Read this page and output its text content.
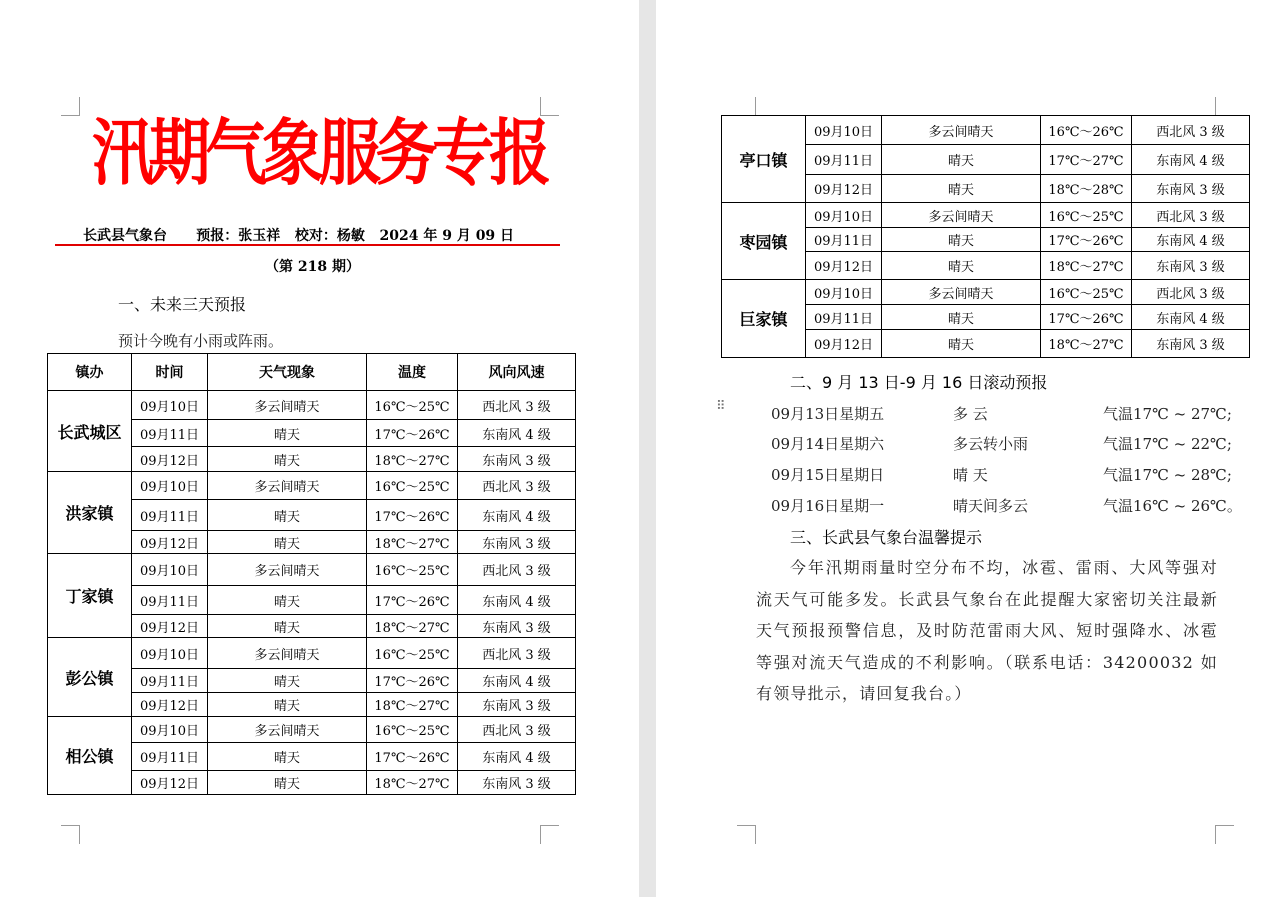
汛期气象服务专报
长武县气象台      预报：张玉祥   校对：杨敏   2024 年 9 月 09 日
（第 218 期）
一、未来三天预报
预计今晚有小雨或阵雨。
镇办	时间	天气现象	温度	风向风速
长武城区	09月10日	多云间晴天	16℃～25℃	西北风 3 级
	09月11日	晴天	17℃～26℃	东南风 4 级
	09月12日	晴天	18℃～27℃	东南风 3 级
洪家镇	09月10日	多云间晴天	16℃～25℃	西北风 3 级
	09月11日	晴天	17℃～26℃	东南风 4 级
	09月12日	晴天	18℃～27℃	东南风 3 级
丁家镇	09月10日	多云间晴天	16℃～25℃	西北风 3 级
	09月11日	晴天	17℃～26℃	东南风 4 级
	09月12日	晴天	18℃～27℃	东南风 3 级
彭公镇	09月10日	多云间晴天	16℃～25℃	西北风 3 级
	09月11日	晴天	17℃～26℃	东南风 4 级
	09月12日	晴天	18℃～27℃	东南风 3 级
相公镇	09月10日	多云间晴天	16℃～25℃	西北风 3 级
	09月11日	晴天	17℃～26℃	东南风 4 级
	09月12日	晴天	18℃～27℃	东南风 3 级
亭口镇	09月10日	多云间晴天	16℃～26℃	西北风 3 级
	09月11日	晴天	17℃～27℃	东南风 4 级
	09月12日	晴天	18℃～28℃	东南风 3 级
枣园镇	09月10日	多云间晴天	16℃～25℃	西北风 3 级
	09月11日	晴天	17℃～26℃	东南风 4 级
	09月12日	晴天	18℃～27℃	东南风 3 级
巨家镇	09月10日	多云间晴天	16℃～25℃	西北风 3 级
	09月11日	晴天	17℃～26℃	东南风 4 级
	09月12日	晴天	18℃～27℃	东南风 3 级
二、9 月 13 日-9 月 16 日滚动预报
⠿	09月13日星期五	多 云	气温17℃ ~ 27℃;
09月14日星期六	多云转小雨	气温17℃ ~ 22℃;
09月15日星期日	晴 天	气温17℃ ~ 28℃;
09月16日星期一	晴天间多云	气温16℃ ~ 26℃。
三、长武县气象台温馨提示
今年汛期雨量时空分布不均，冰雹、雷雨、大风等强对流天气可能多发。长武县气象台在此提醒大家密切关注最新天气预报预警信息，及时防范雷雨大风、短时强降水、冰雹等强对流天气造成的不利影响。（联系电话：34200032 如有领导批示，请回复我台。）
